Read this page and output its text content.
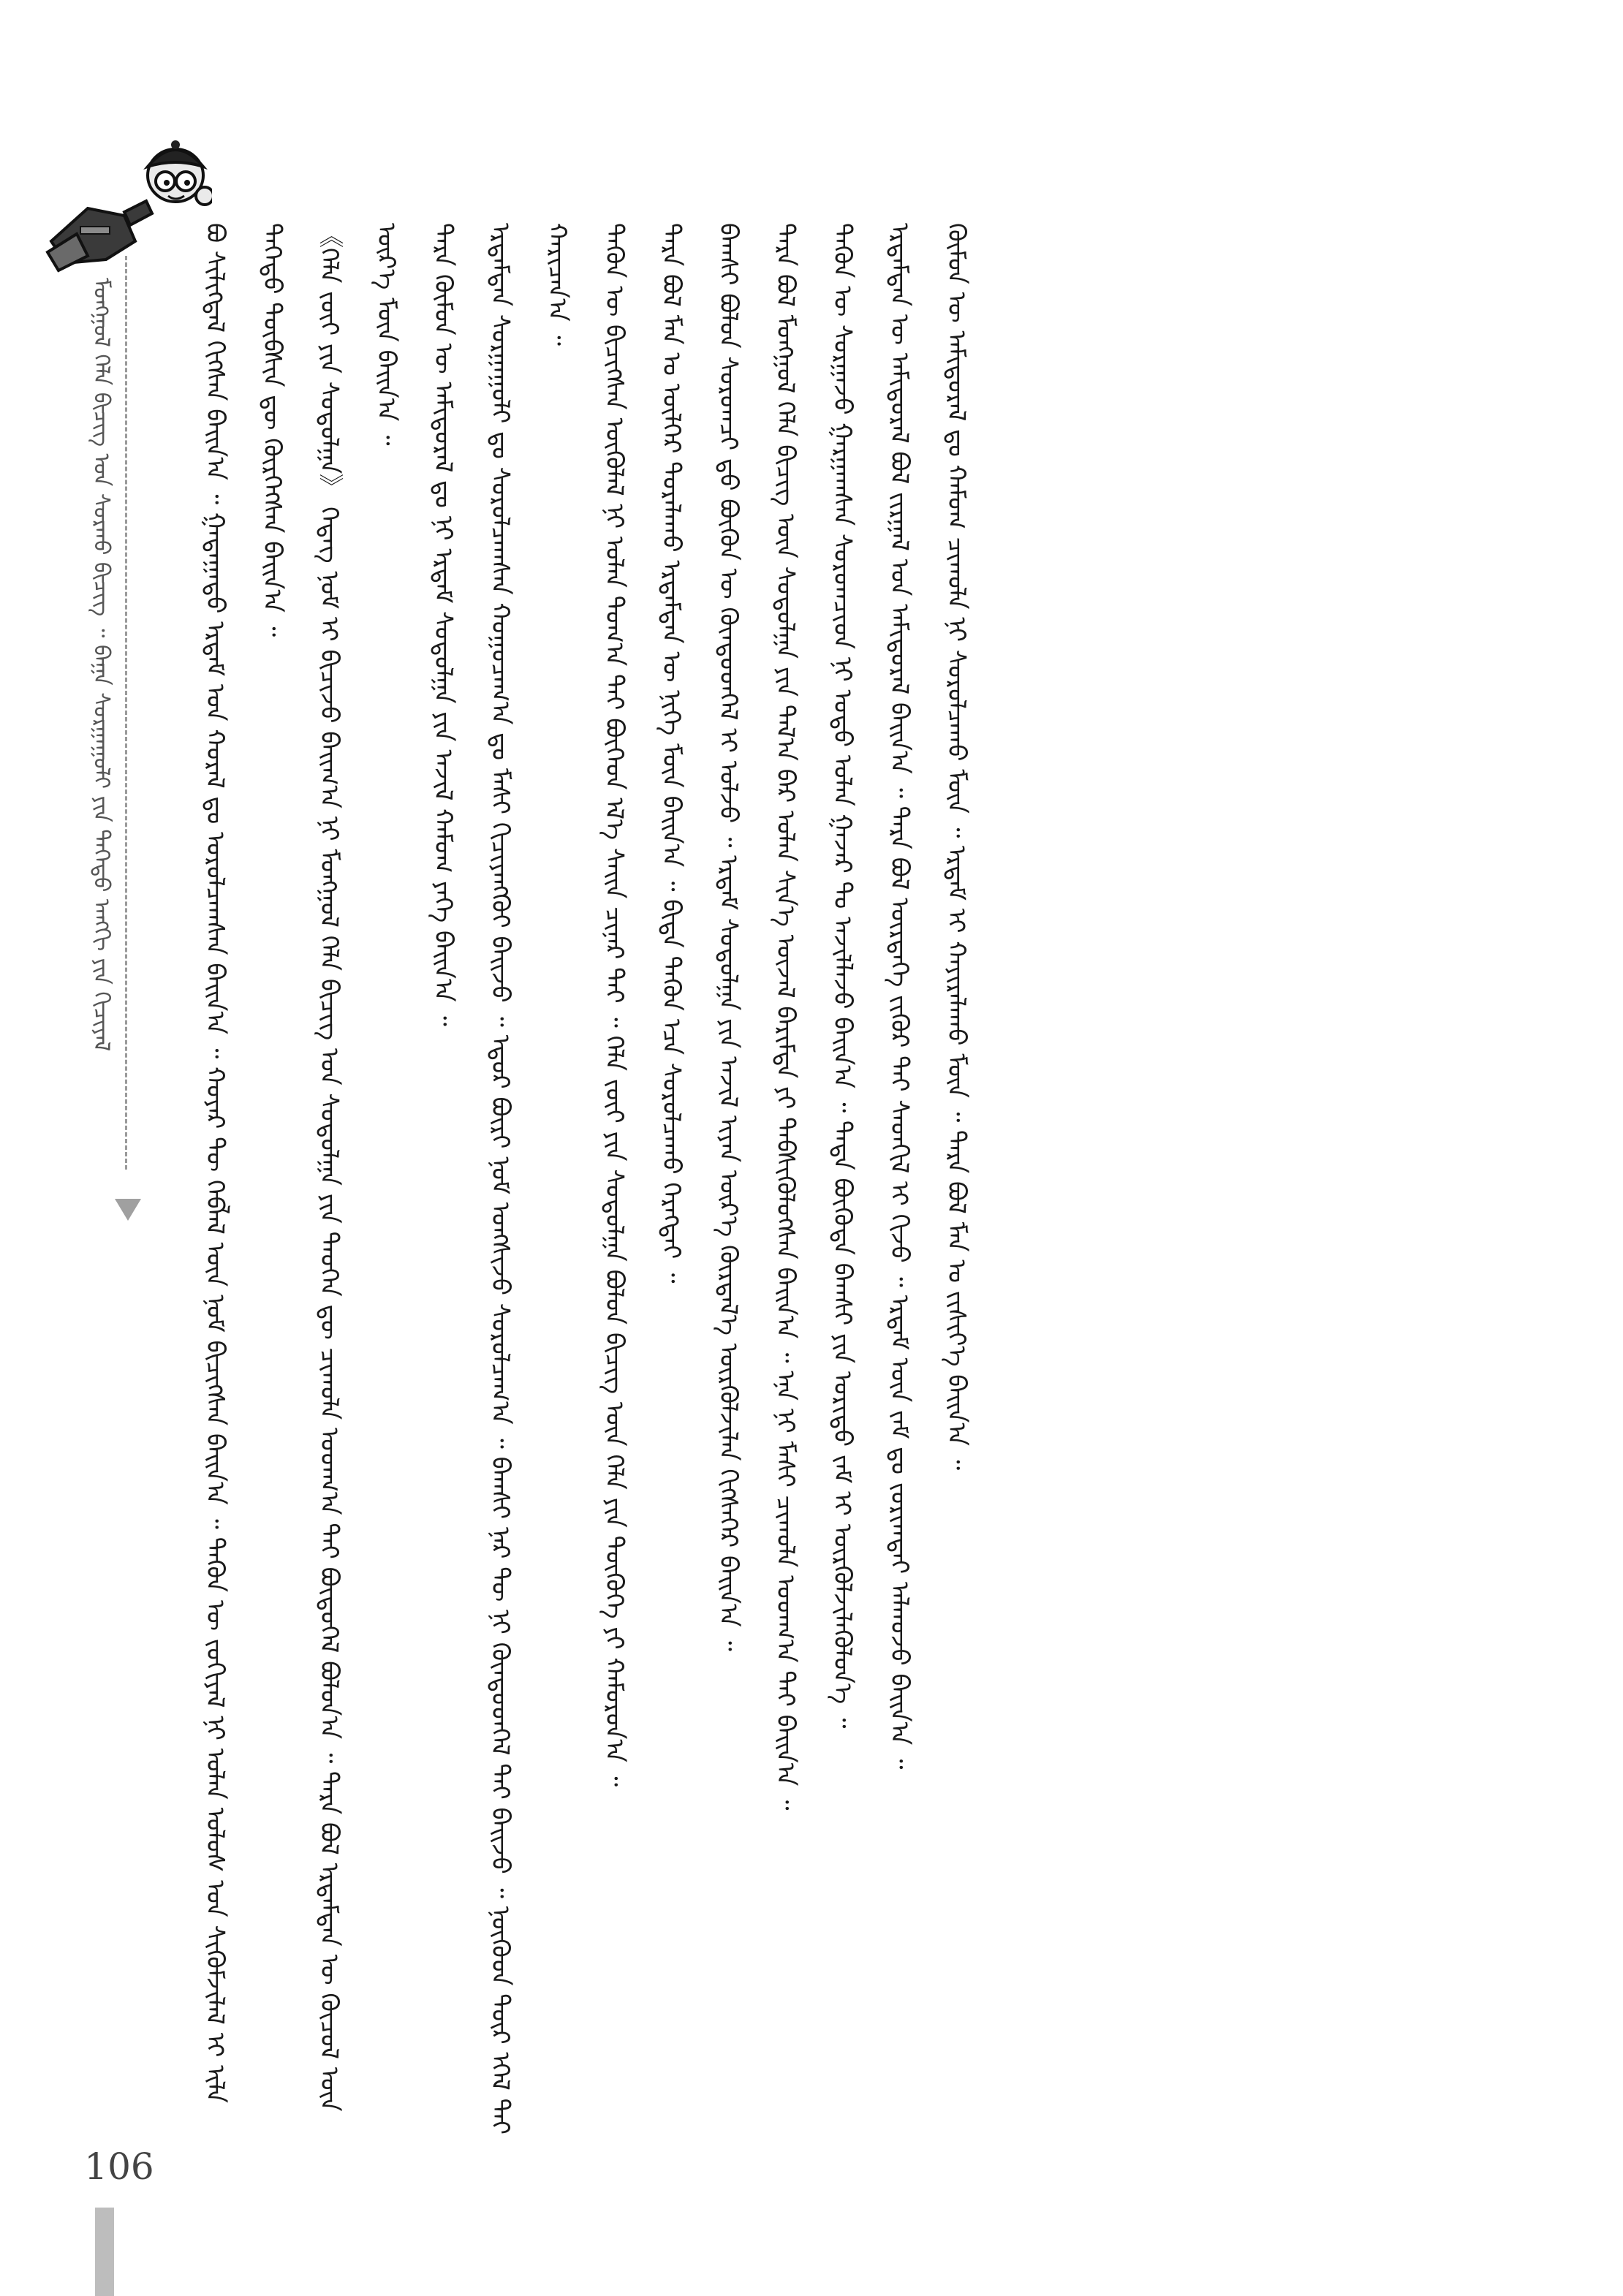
ᠮᠣᠩᠭᠣᠯ ᠬᠡᠯᠡ ᠪᠢᠴᠢᠭ ᠤᠨ ᠰᠤᠷᠬᠤ ᠪᠢᠴᠢᠭ᠌ ᠃ ᠪᠠᠭᠠ ᠰᠤᠷᠭᠠᠭᠤᠯᠢ ᠶᠢᠨ ᠳᠡᠭᠡᠳᠦ ᠠᠩᠭᠢ ᠶᠢᠨ ᠬᠢᠴᠢᠶᠡᠯ	ᠪᠣ ᠰᠢᠯᠢᠭᠳᠡᠯ ᠬᠢᠭᠰᠡᠨ ᠪᠠᠢᠨ᠎ᠠ ᠃ ᠭᠠᠳᠠᠭᠠᠳᠤ ᠡᠷᠳᠡᠮ ᠤᠨ ᠬᠤᠷᠠᠯ ᠳᠤ ᠣᠷᠣᠯᠴᠠᠭᠰᠠᠨ ᠪᠠᠢᠨ᠎ᠠ ᠃ ᠬᠣᠶᠠᠷ ᠲᠦ ᠬᠡᠪᠯᠡᠯ ᠦᠨ ᠨᠣᠮ ᠪᠢᠴᠢᠭᠰᠡᠨ ᠪᠠᠢᠨ᠎ᠠ ᠃ ᠲᠡᠭᠦᠨ ᠦ ᠵᠣᠬᠢᠶᠠᠯ ᠨᠢ ᠣᠯᠠᠨ ᠤᠯᠤᠰ ᠤᠨ ᠰᠢᠭᠦᠮᠵᠢᠯᠡᠯ ᠢ ᠢᠯᠡ ᠳᠡᠭᠡᠳᠦ ᠲᠦᠪᠰᠢᠨ ᠳᠦ ᠬᠦᠷᠭᠡᠭᠰᠡᠨ ᠪᠠᠢᠨ᠎ᠠ ᠃	《ᠬᠡᠯᠡ ᠵᠦᠢ ᠶᠢᠨ ᠰᠤᠳᠤᠯᠭᠠ》 ᠭᠡᠳᠡᠭ ᠨᠣᠮ ᠢ ᠪᠢᠴᠢᠵᠦ ᠪᠠᠢᠭ᠎ᠠ ᠨᠢ ᠮᠣᠩᠭᠣᠯ ᠬᠡᠯᠡ ᠪᠢᠴᠢᠭ ᠤᠨ ᠰᠤᠳᠤᠯᠭᠠ ᠶᠢᠨ ᠲᠡᠦᠬᠡᠨ ᠳᠦ ᠴᠢᠬᠤᠯᠠ ᠤᠳᠬ᠎ᠠ ᠲᠠᠢ ᠪᠦᠲᠦᠭᠡᠯ ᠪᠣᠯᠤᠨ᠎ᠠ ᠃ ᠲᠡᠷᠡ ᠪᠣᠯ ᠡᠷᠳᠡᠮᠲᠡᠨ ᠦ ᠬᠦᠴᠦᠯ ᠦᠨ ᠦᠷ᠎ᠡ ᠮᠥᠨ ᠪᠠᠢᠨ᠎ᠠ ᠃	ᠲᠡᠷᠡ ᠬᠦᠮᠦᠨ ᠦ ᠠᠮᠢᠳᠤᠷᠠᠯ ᠳᠤ ᠨᠢ ᠡᠷᠳᠡᠮ ᠰᠤᠳᠤᠯᠭᠠ ᠶᠢᠨ ᠠᠵᠢᠯ ᠬᠠᠮᠤᠭ ᠶᠡᠬᠡ ᠪᠠᠢᠨ᠎ᠠ ᠃	ᠡᠷᠳᠡᠮᠲᠡᠨ ᠰᠤᠷᠭᠠᠭᠤᠯᠢ ᠳᠤ ᠰᠤᠷᠤᠯᠴᠠᠭᠰᠠᠨ ᠬᠤᠭᠤᠴᠠᠭ᠎ᠠ ᠳᠤ ᠮᠠᠰᠢ ᠬᠢᠴᠢᠶᠡᠩᠭᠦᠢ ᠪᠠᠢᠵᠤ ᠃ ᠡᠳᠦᠷ ᠪᠦᠷᠢ ᠨᠣᠮ ᠤᠩᠰᠢᠵᠤ ᠰᠤᠷᠤᠯᠴᠠᠭ᠎ᠠ ᠃ ᠪᠠᠭᠰᠢ ᠨᠠᠷ ᠲᠦ ᠨᠢ ᠬᠦᠨᠳᠦᠳᠬᠡᠯ ᠲᠠᠢ ᠪᠠᠢᠵᠤ ᠃ ᠨᠥᠬᠦᠳ ᠲᠦᠷ ᠡᠭᠡᠯ ᠲᠠᠢ ᠬᠠᠷᠢᠴᠠᠨ᠎ᠠ ᠃	ᠲᠡᠭᠦᠨ ᠦ ᠪᠢᠴᠢᠭᠰᠡᠨ ᠥᠭᠦᠯᠡᠯ ᠨᠢ ᠣᠯᠠᠨ ᠲᠣᠭ᠎ᠠ ᠲᠠᠢ ᠪᠥᠭᠡᠳ ᠡᠯ᠎ᠡ ᠰᠠᠢᠨ ᠴᠢᠨᠠᠷ ᠲᠠᠢ ᠃ ᠬᠡᠯᠡ ᠵᠦᠢ ᠶᠢᠨ ᠰᠤᠳᠤᠯᠭᠠ ᠪᠣᠯᠤᠨ ᠪᠢᠴᠢᠭ᠌ ᠦᠨ ᠬᠡᠯᠡ ᠶᠢᠨ ᠲᠦᠭᠦᠬᠡ ᠶᠢ ᠬᠠᠮᠤᠷᠤᠨ᠎ᠠ ᠃	ᠲᠡᠷᠡ ᠪᠣᠯ ᠮᠠᠨ ᠤ ᠦᠯᠭᠡᠷ ᠳᠤᠷᠠᠯᠠᠬᠤ ᠡᠷᠳᠡᠮᠲᠡᠨ ᠦ ᠨᠢᠭᠡ ᠮᠥᠨ ᠪᠠᠢᠨ᠎ᠠ ᠃ ᠪᠢᠳᠡ ᠲᠡᠭᠦᠨ ᠡᠴᠡ ᠰᠤᠷᠤᠯᠴᠠᠬᠤ ᠬᠡᠷᠡᠭᠲᠡᠢ ᠃	ᠪᠠᠭᠰᠢ ᠪᠣᠯᠤᠨ ᠰᠤᠷᠤᠭᠴᠢ ᠳ᠋ᠤ ᠪᠦᠬᠦᠨ ᠦ ᠬᠦᠨᠳᠦᠳᠬᠡᠯ ᠢ ᠣᠯᠵᠤ ᠃ ᠡᠷᠳᠡᠮ ᠰᠤᠳᠤᠯᠭᠠ ᠶᠢᠨ ᠠᠵᠢᠯ ᠢᠶᠠᠨ ᠦᠷ᠎ᠡ ᠬᠦᠷᠲᠡᠯ᠎ᠡ ᠦᠷᠭᠦᠯᠵᠢᠯᠡᠨ ᠬᠢᠭᠰᠡᠭᠡᠷ ᠪᠠᠢᠨ᠎ᠠ ᠃	ᠲᠡᠷᠡ ᠪᠣᠯ ᠮᠣᠩᠭᠣᠯ ᠬᠡᠯᠡ ᠪᠢᠴᠢᠭ᠌ ᠦᠨ ᠰᠤᠳᠤᠯᠭᠠ ᠶᠢᠨ ᠲᠠᠯ᠎ᠠ ᠪᠠᠷ ᠣᠯᠠᠨ ᠰᠢᠨ᠎ᠡ ᠦᠵᠡᠯ ᠪᠠᠷᠢᠮᠲᠠ ᠶᠢ ᠳᠡᠪᠰᠢᠭᠦᠯᠦᠭᠰᠡᠨ ᠪᠠᠢᠨ᠎ᠠ ᠃ ᠡᠨᠡ ᠨᠢ ᠮᠠᠰᠢ ᠴᠢᠬᠤᠯᠠ ᠤᠳᠬ᠎ᠠ ᠲᠠᠢ ᠪᠠᠢᠨ᠎ᠠ ᠃	ᠲᠡᠭᠦᠨ ᠦ ᠰᠤᠷᠭᠠᠵᠤ ᠭᠠᠷᠭᠠᠭᠰᠠᠨ ᠰᠤᠷᠤᠭᠴᠢᠳ ᠨᠢ ᠣᠳᠣ ᠣᠯᠠᠨ ᠭᠠᠵᠠᠷ ᠲᠤ ᠠᠵᠢᠯᠯᠠᠵᠤ ᠪᠠᠢᠨ᠎ᠠ ᠃ ᠲᠡᠳᠡ ᠪᠦᠭᠦᠳᠡ ᠪᠠᠭᠰᠢ ᠶᠢᠨ ᠤᠷᠢᠳᠤ ᠵᠠᠮ ᠢ ᠦᠷᠭᠦᠯᠵᠢᠯᠡᠭᠦᠯᠦᠨ᠎ᠡ ᠃	ᠡᠷᠳᠡᠮᠲᠡᠨ ᠦ ᠠᠮᠢᠳᠤᠷᠠᠯ ᠪᠣᠯ ᠵᠢᠷᠭᠠᠯ ᠤᠨ ᠠᠮᠢᠳᠤᠷᠠᠯ ᠪᠠᠢᠨ᠎ᠠ ᠃ ᠲᠡᠷᠡ ᠪᠣᠯ ᠥᠷᠲᠡᠭᠡ ᠵᠢᠭᠦᠷ ᠲᠠᠢ ᠰᠡᠳᠬᠢᠯ ᠢ ᠬᠢᠵᠦ ᠃ ᠡᠷᠳᠡᠮ ᠦᠨ ᠵᠠᠮ ᠳᠤ ᠵᠣᠷᠢᠭᠲᠠᠢ ᠠᠯᠬᠤᠵᠤ ᠪᠠᠢᠨ᠎ᠠ ᠃	ᠬᠦᠮᠦᠨ ᠦ ᠠᠮᠢᠳᠤᠷᠠᠯ ᠳᠤ ᠬᠠᠮᠤᠭ ᠴᠢᠬᠤᠯᠠ ᠨᠢ ᠰᠤᠷᠤᠯᠴᠠᠬᠤ ᠮᠥᠨ ᠃ ᠡᠷᠳᠡᠮ ᠢ ᠬᠠᠶᠢᠷᠠᠯᠠᠬᠤ ᠮᠥᠨ ᠃ ᠲᠡᠷᠡ ᠪᠣᠯ ᠮᠠᠨ ᠤ ᠵᠢᠱᠢᠶ᠎ᠡ ᠪᠠᠢᠨ᠎ᠠ ᠃

106
